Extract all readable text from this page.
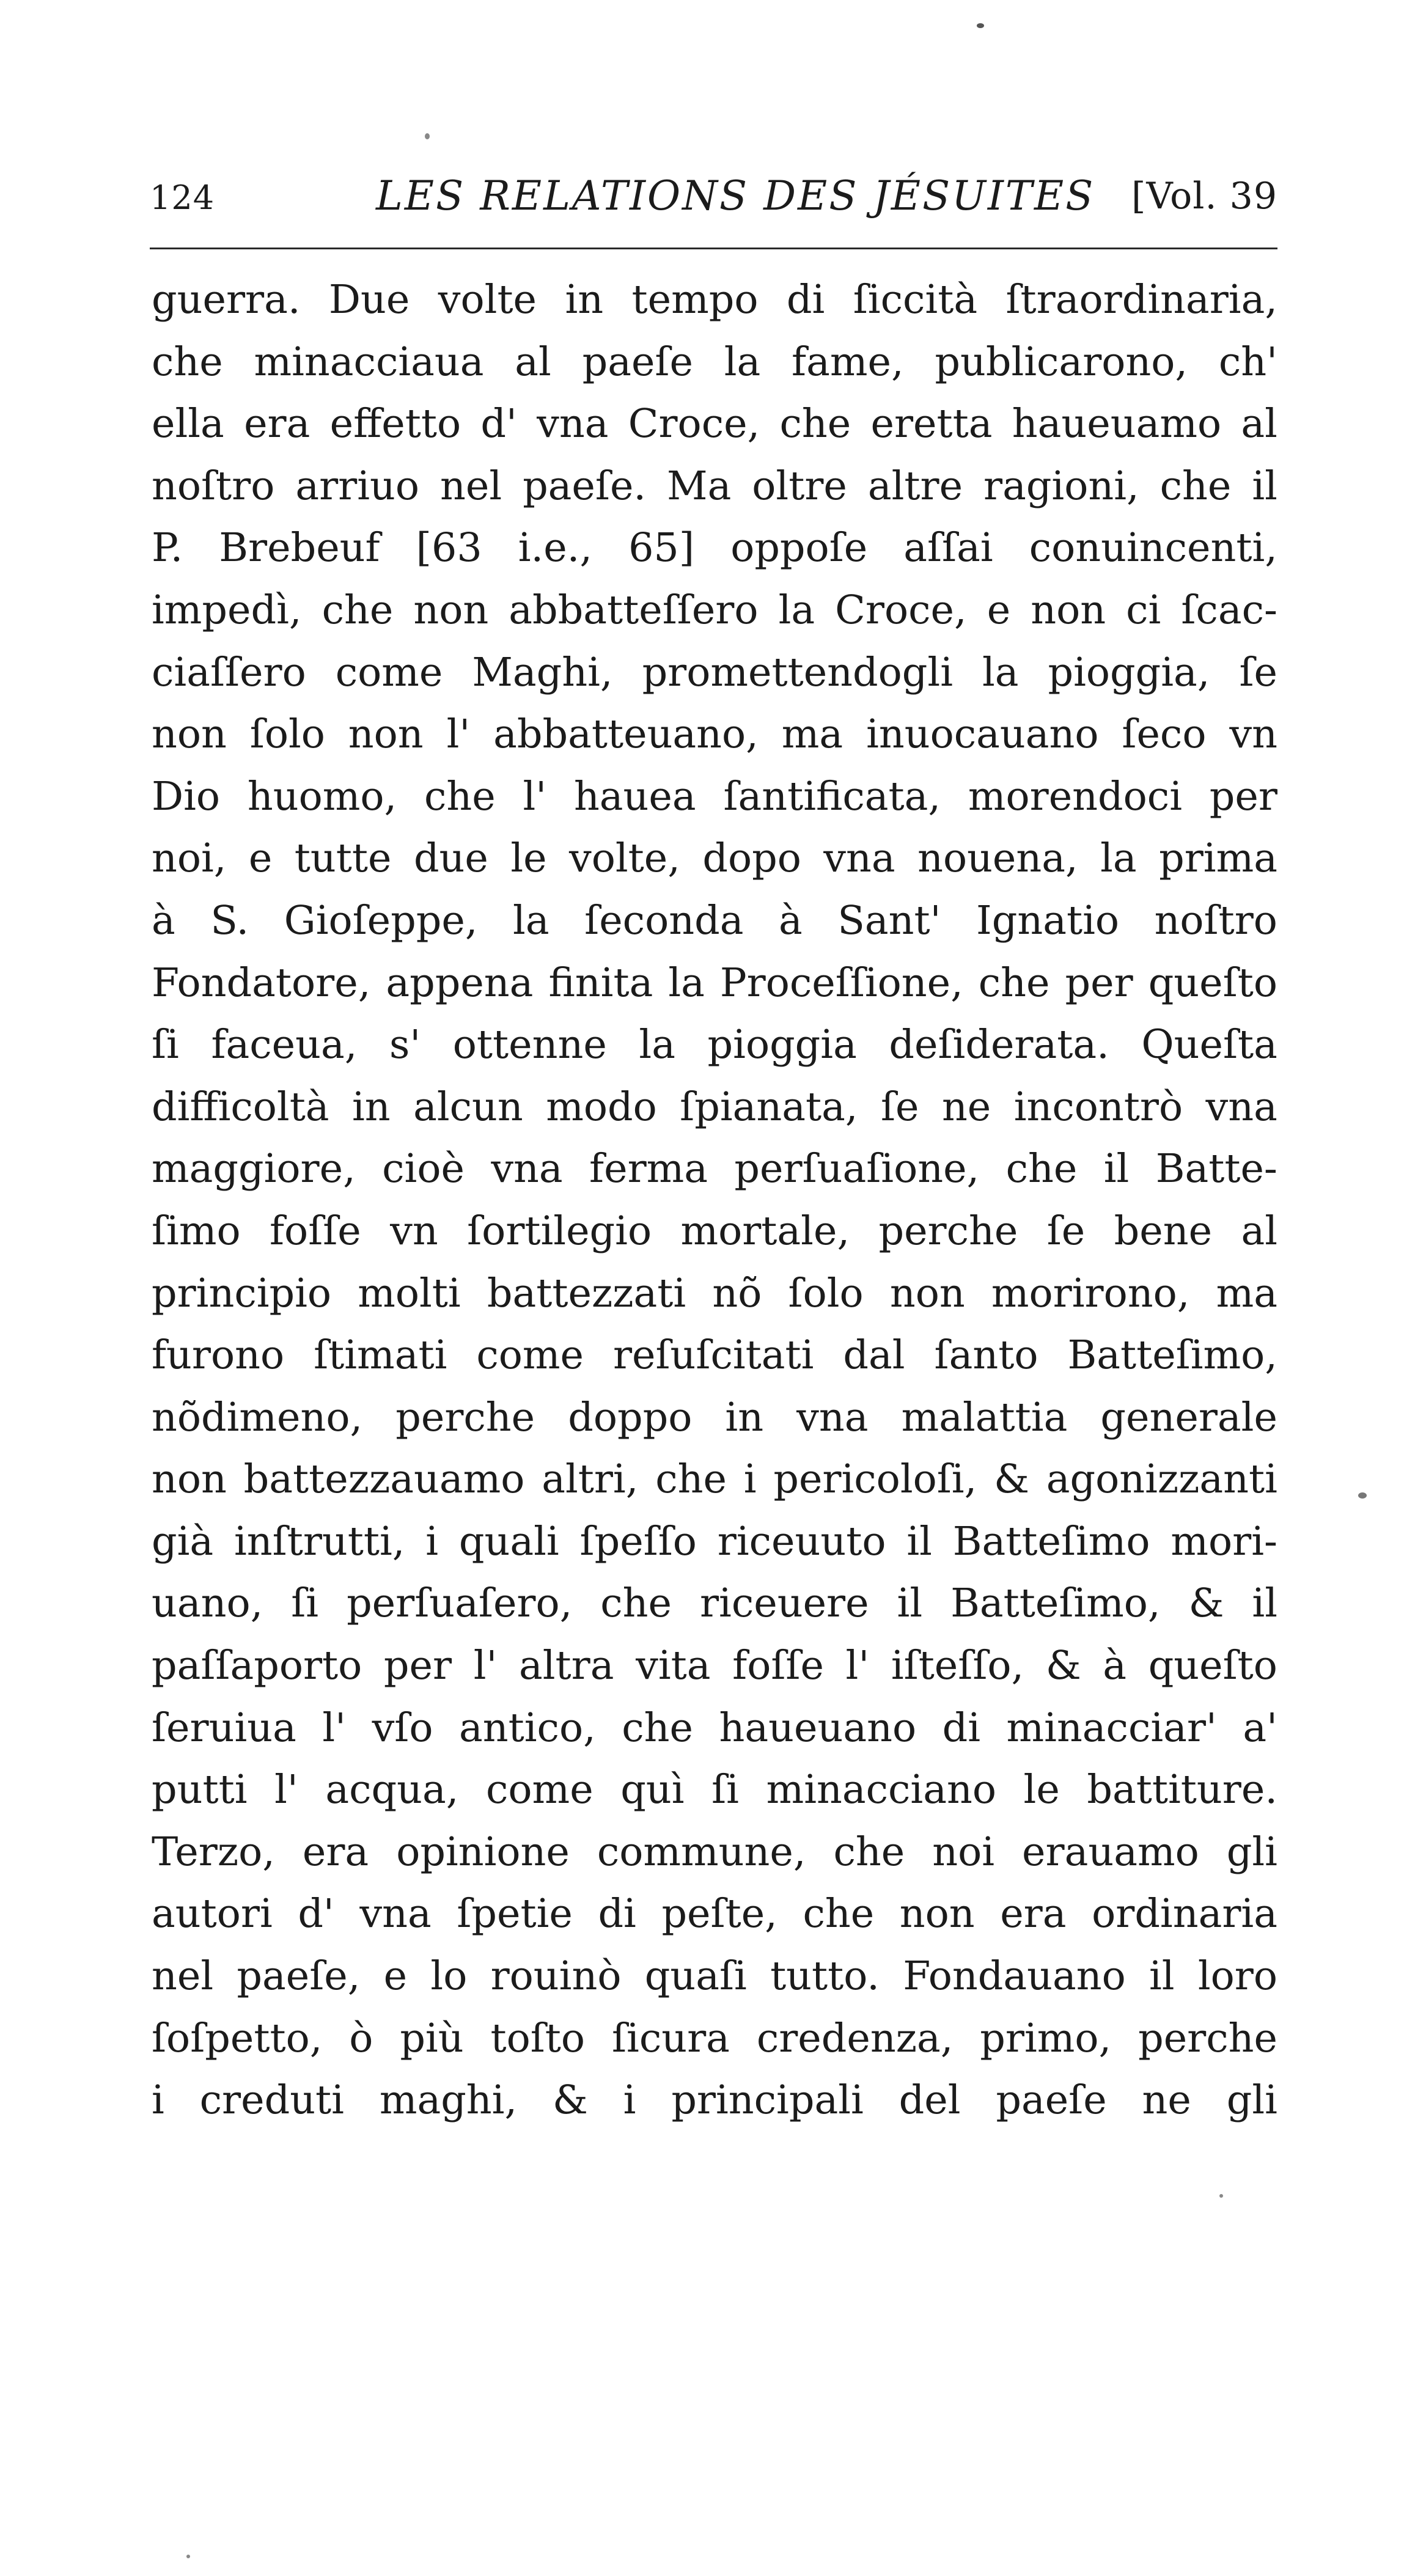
124	LES RELATIONS DES JÉSUITES [Vol. 39
guerra. Due volte in tempo di ſiccità ſtraordinaria,
che minacciaua al paeſe la fame, publicarono, ch'
ella era effetto d' vna Croce, che eretta haueuamo al
noſtro arriuo nel paeſe. Ma oltre altre ragioni, che il
P. Brebeuf [63 i.e., 65] oppoſe aſſai conuincenti,
impedì, che non abbatteſſero la Croce, e non ci ſcac-
ciaſſero come Maghi, promettendogli la pioggia, ſe
non ſolo non l' abbatteuano, ma inuocauano ſeco vn
Dio huomo, che l' hauea ſantificata, morendoci per
noi, e tutte due le volte, dopo vna nouena, la prima
à S. Gioſeppe, la ſeconda à Sant' Ignatio noſtro
Fondatore, appena finita la Proceſſione, che per queſto
ſi faceua, s' ottenne la pioggia deſiderata. Queſta
difficoltà in alcun modo ſpianata, ſe ne incontrò vna
maggiore, cioè vna ferma perſuaſione, che il Batte-
ſimo foſſe vn ſortilegio mortale, perche ſe bene al
principio molti battezzati nõ ſolo non morirono, ma
furono ſtimati come reſuſcitati dal ſanto Batteſimo,
nõdimeno, perche doppo in vna malattia generale
non battezzauamo altri, che i pericoloſi, & agonizzanti
già inſtrutti, i quali ſpeſſo riceuuto il Batteſimo mori-
uano, ſi perſuaſero, che riceuere il Batteſimo, & il
paſſaporto per l' altra vita foſſe l' iſteſſo, & à queſto
ſeruiua l' vſo antico, che haueuano di minacciar' a'
putti l' acqua, come quì ſi minacciano le battiture.
Terzo, era opinione commune, che noi erauamo gli
autori d' vna ſpetie di peſte, che non era ordinaria
nel paeſe, e lo rouinò quaſi tutto. Fondauano il loro
ſoſpetto, ò più toſto ſicura credenza, primo, perche
i creduti maghi, & i principali del paeſe ne gli
